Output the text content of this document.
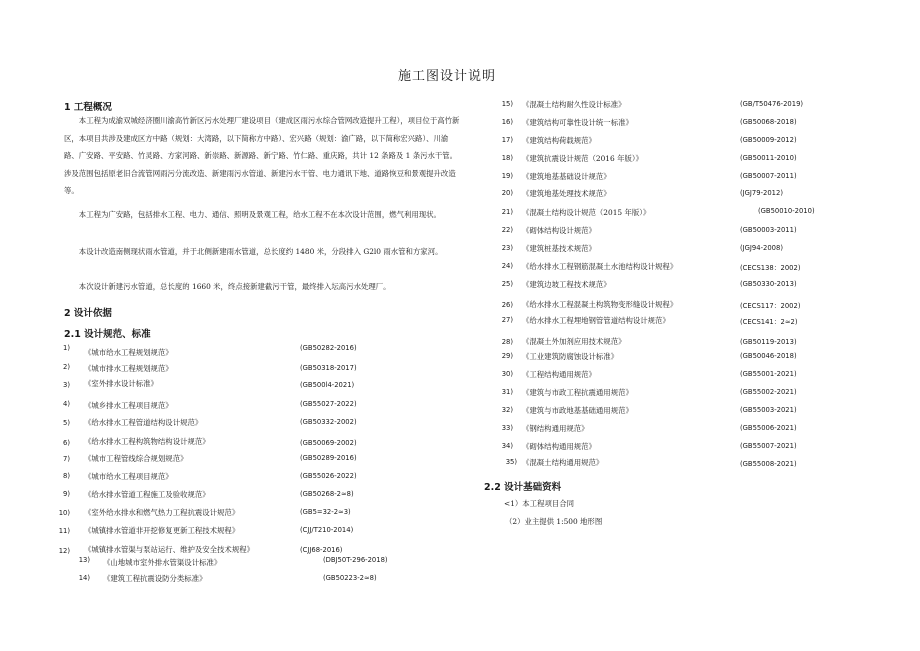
施工图设计说明
1 工程概况
本工程为成渝双城经济圈川渝高竹新区污水处理厂建设项目（建成区雨污水综合管网改造提升工程），项目位于高竹新区，本项目共涉及建成区方中路（规划：大湾路，以下简称方中路）、宏兴路（规划：渝广路，以下简称宏兴路）、川渝路、广安路、平安路、竹灵路、方家河路、新崇路、新源路、新宁路、竹仁路、重庆路，共计 12 条路及 1 条污水干管。涉及范围包括原老旧合流管网雨污分流改造、新建雨污水管道、新建污水干管、电力通讯下地、道路恢豆和景观提升改造等。
本工程为广安路，包括排水工程、电力、通信、照明及景观工程，给水工程不在本次设计范围，燃气利用现状。
本设计改造南侧现状雨水管道，并于北侧新建雨水管道，总长度约 1480 米，分段排入 G2l0 雨水管和方家河。
本次设计新建污水管道，总长度的 1660 米，终点接新建截污干管，最终排入坛高污水处理厂。
2 设计依据
2.1 设计规范、标准
1) 《城市给水工程规划规范》	(GB50282-2016)
2) 《城市排水工程规划规范》	(GB50318-2017)
3) 《室外排水设计标准》	(GB500l4-2021)
4) 《城乡排水工程项目规范》	(GB55027-2022)
5) 《给水排水工程管道结构设计规范》	(GB50332-2002)
6) 《给水排水工程构筑物结构设计规范》	(GB50069-2002)
7) 《城市工程管线综合规划规范》	(GB50289-2016)
8) 《城市给水工程项目规范》	(GB55026-2022)
9) 《给水排水管道工程施工及验收规范》	(GB50268-2≈8)
10) 《室外给水排水和燃气热力工程抗震设计规范》	(GB5=32-2≈3)
11) 《城镇排水管道非开挖修复更新工程技术规程》	(CJJ/T210-2014)
12) 《城镇排水管渠与泵站运行、维护及安全技术规程》	(CJJ68-2016)
13) 《山地城市室外排水管渠设计标准》	(DBJ50T-296-2018)
14) 《建筑工程抗震设防分类标准》	(GB50223-2≈8)
15) 《混凝土结构耐久性设计标准》	(GB/T50476-2019)
16) 《建筑结构可靠性设计统一标准》	(GB50068-2018)
17) 《建筑结构荷载规范》	(GB50009-2012)
18) 《建筑抗震设计规范（2016 年版）》	(GB50011-2010)
19) 《建筑地基基础设计规范》	(GB50007-2011)
20) 《建筑地基处理技术规范》	(JGJ79-2012)
21) 《混凝土结构设计规范（2015 年版）》	(GB50010-2010)
22) 《砌体结构设计规范》	(GB50003-2011)
23) 《建筑桩基技术规范》	(JGJ94-2008)
24) 《给水排水工程钢筋混凝土水池结构设计规程》	(CECS138：2002)
25) 《建筑边坡工程技术规范》	(GB50330-2013)
26) 《给水排水工程混凝土构筑物变形缝设计规程》	(CECS117：2002)
27) 《给水排水工程埋地钢管管道结构设计规范》	(CECS141：2≈2)
28) 《混凝土外加剂应用技术规范》	(GB50119-2013)
29) 《工业建筑防腐蚀设计标准》	(GB50046-2018)
30) 《工程结构通用规范》	(GB55001-2021)
31) 《建筑与市政工程抗震通用规范》	(GB55002-2021)
32) 《建筑与市政地基基础通用规范》	(GB55003-2021)
33) 《钢结构通用规范》	(GB55006-2021)
34) 《砌体结构通用规范》	(GB55007-2021)
35) 《混凝土结构通用规范》	(GB55008-2021)
2.2 设计基础资料
<1）本工程项目合同
（2）业主提供 1:500 地形图
